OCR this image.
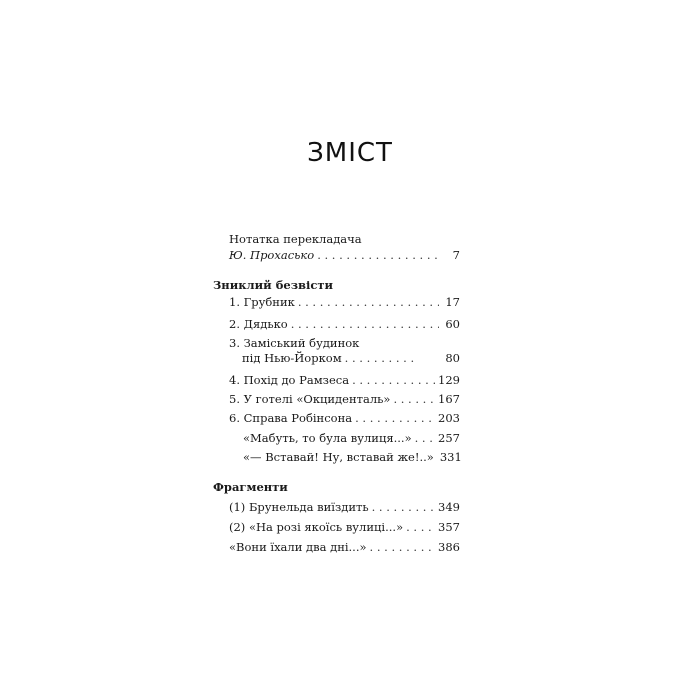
ЗМІСТ
Нотатка перекладача
Ю. Прохасько . . .	7
Зниклий безвісти
1. Грубник . . .	17
2. Дядько . . .	60
3. Заміський будинок
під Нью-Йорком . . .	80
4. Похід до Рамзеса . . .	129
5. У готелі «Окциденталь» . . .	167
6. Справа Робінсона . . .	203
«Мабуть, то була вулиця...» . . . 257
«— Вставай! Ну, вставай же!..» 331
Фрагменти
(1) Брунельда виїздить . . .	349
(2) «На розі якоїсь вулиці...» . . .	357
«Вони їхали два дні...» . . .	386
